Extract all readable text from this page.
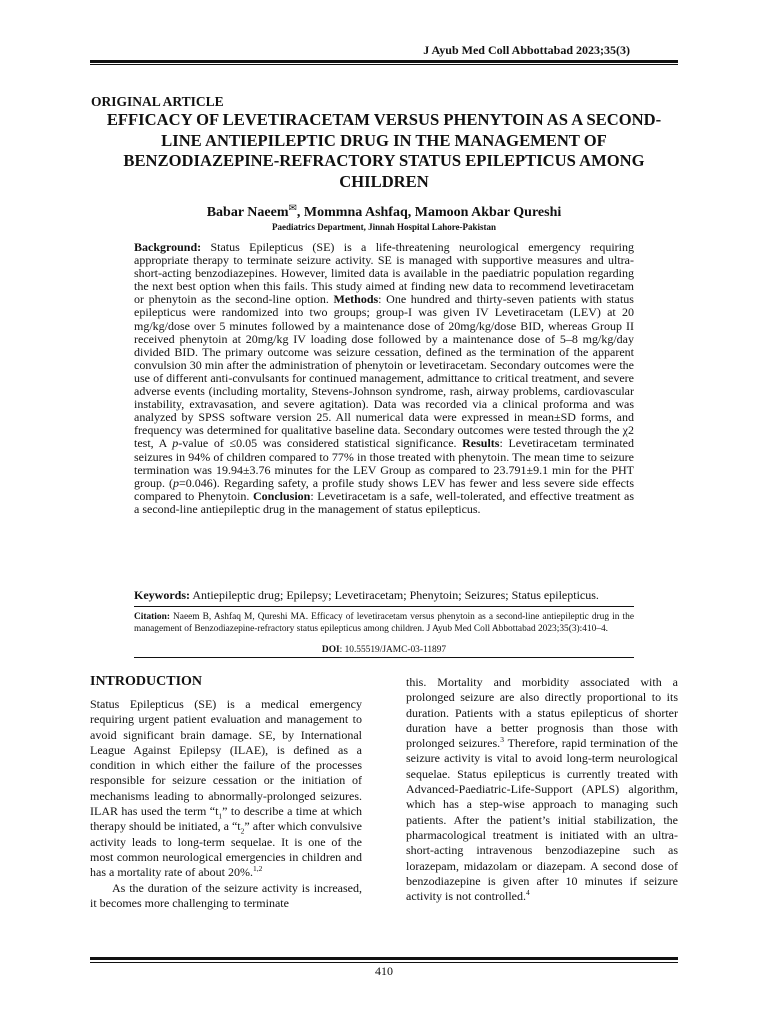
J Ayub Med Coll Abbottabad 2023;35(3)
ORIGINAL ARTICLE
EFFICACY OF LEVETIRACETAM VERSUS PHENYTOIN AS A SECOND-LINE ANTIEPILEPTIC DRUG IN THE MANAGEMENT OF BENZODIAZEPINE-REFRACTORY STATUS EPILEPTICUS AMONG CHILDREN
Babar Naeem✉, Mommna Ashfaq, Mamoon Akbar Qureshi
Paediatrics Department, Jinnah Hospital Lahore-Pakistan
Background: Status Epilepticus (SE) is a life-threatening neurological emergency requiring appropriate therapy to terminate seizure activity. SE is managed with supportive measures and ultra-short-acting benzodiazepines. However, limited data is available in the paediatric population regarding the next best option when this fails. This study aimed at finding new data to recommend levetiracetam or phenytoin as the second-line option. Methods: One hundred and thirty-seven patients with status epilepticus were randomized into two groups; group-I was given IV Levetiracetam (LEV) at 20 mg/kg/dose over 5 minutes followed by a maintenance dose of 20mg/kg/dose BID, whereas Group II received phenytoin at 20mg/kg IV loading dose followed by a maintenance dose of 5–8 mg/kg/day divided BID. The primary outcome was seizure cessation, defined as the termination of the apparent convulsion 30 min after the administration of phenytoin or levetiracetam. Secondary outcomes were the use of different anti-convulsants for continued management, admittance to critical treatment, and severe adverse events (including mortality, Stevens-Johnson syndrome, rash, airway problems, cardiovascular instability, extravasation, and severe agitation). Data was recorded via a clinical proforma and was analyzed by SPSS software version 25. All numerical data were expressed in mean±SD forms, and frequency was determined for qualitative baseline data. Secondary outcomes were tested through the χ2 test, A p-value of ≤0.05 was considered statistical significance. Results: Levetiracetam terminated seizures in 94% of children compared to 77% in those treated with phenytoin. The mean time to seizure termination was 19.94±3.76 minutes for the LEV Group as compared to 23.791±9.1 min for the PHT group. (p=0.046). Regarding safety, a profile study shows LEV has fewer and less severe side effects compared to Phenytoin. Conclusion: Levetiracetam is a safe, well-tolerated, and effective treatment as a second-line antiepileptic drug in the management of status epilepticus.
Keywords: Antiepileptic drug; Epilepsy; Levetiracetam; Phenytoin; Seizures; Status epilepticus.
Citation: Naeem B, Ashfaq M, Qureshi MA. Efficacy of levetiracetam versus phenytoin as a second-line antiepileptic drug in the management of Benzodiazepine-refractory status epilepticus among children. J Ayub Med Coll Abbottabad 2023;35(3):410–4.
DOI: 10.55519/JAMC-03-11897
INTRODUCTION

Status Epilepticus (SE) is a medical emergency requiring urgent patient evaluation and management to avoid significant brain damage. SE, by International League Against Epilepsy (ILAE), is defined as a condition in which either the failure of the processes responsible for seizure cessation or the initiation of mechanisms leading to abnormally-prolonged seizures. ILAR has used the term “$t_1$” to describe a time at which therapy should be initiated, a “$t_2$” after which convulsive activity leads to long-term sequelae. It is one of the most common neurological emergencies in children and has a mortality rate of about 20%.$^{1,2}$

As the duration of the seizure activity is increased, it becomes more challenging to terminate

this. Mortality and morbidity associated with a prolonged seizure are also directly proportional to its duration. Patients with a status epilepticus of shorter duration have a better prognosis than those with prolonged seizures.$^3$ Therefore, rapid termination of the seizure activity is vital to avoid long-term neurological sequelae. Status epilepticus is currently treated with Advanced-Paediatric-Life-Support (APLS) algorithm, which has a step-wise approach to managing such patients. After the patient’s initial stabilization, the pharmacological treatment is initiated with an ultra-short-acting intravenous benzodiazepine such as lorazepam, midazolam or diazepam. A second dose of benzodiazepine is given after 10 minutes if seizure activity is not controlled.$^4$

410
